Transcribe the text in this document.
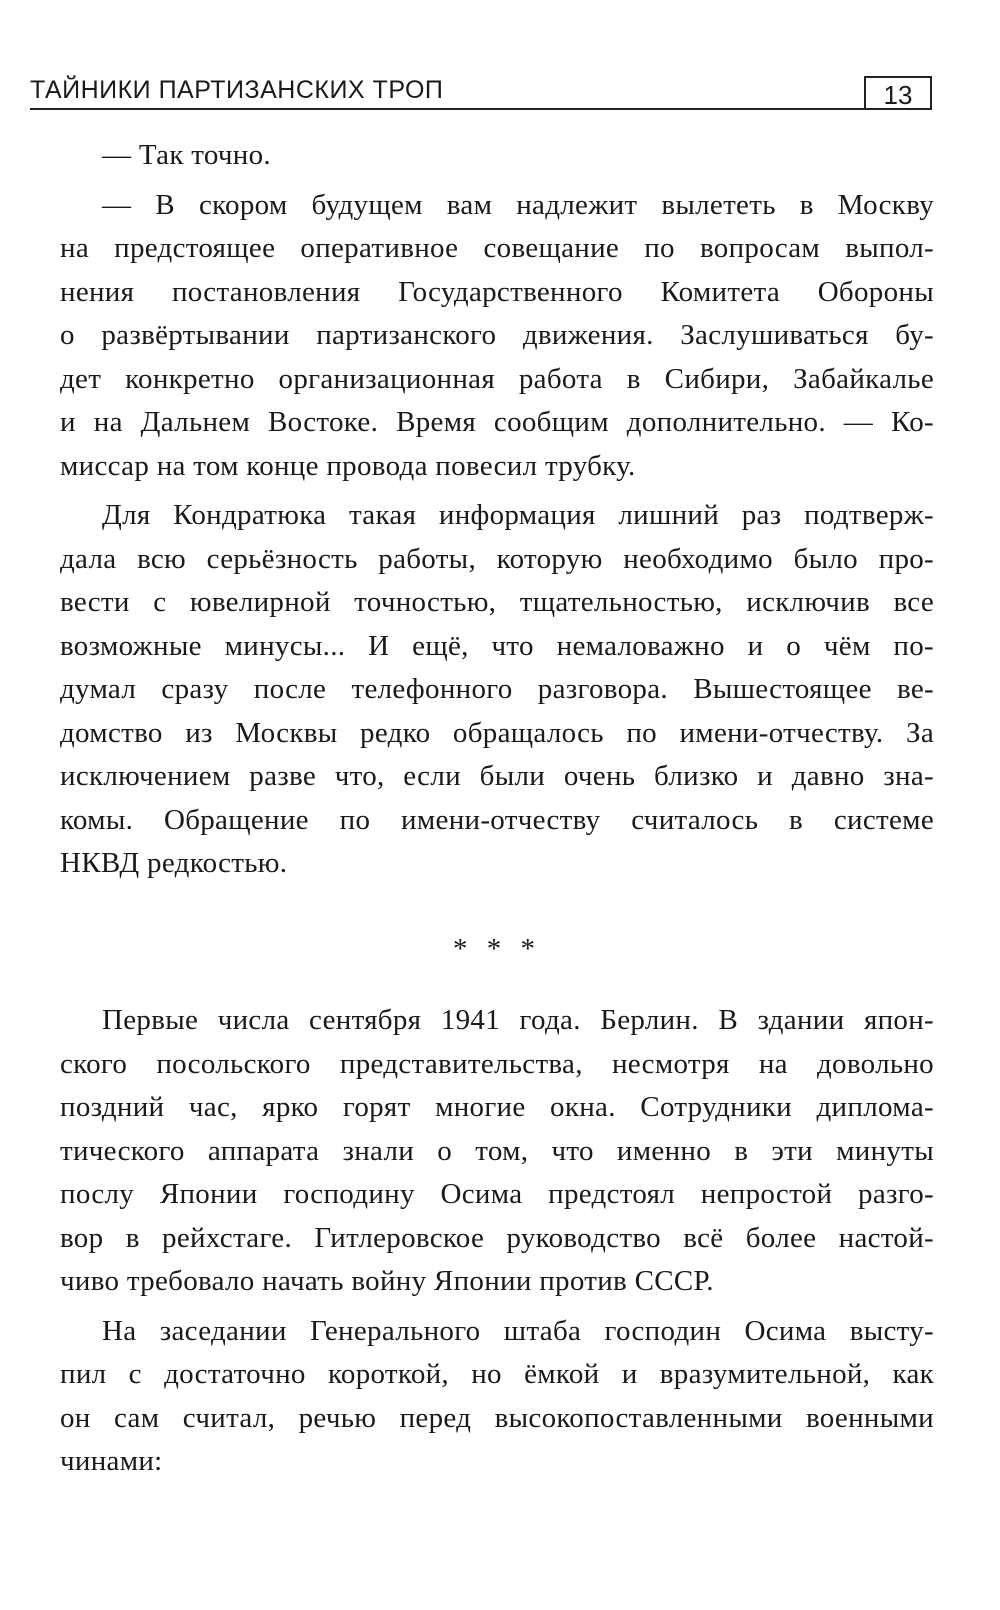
ТАЙНИКИ ПАРТИЗАНСКИХ ТРОП	13
— Так точно.
— В скором будущем вам надлежит вылететь в Москву
на предстоящее оперативное совещание по вопросам выпол-
нения постановления Государственного Комитета Обороны
о развёртывании партизанского движения. Заслушиваться бу-
дет конкретно организационная работа в Сибири, Забайкалье
и на Дальнем Востоке. Время сообщим дополнительно. — Ко-
миссар на том конце провода повесил трубку.
Для Кондратюка такая информация лишний раз подтверж-
дала всю серьёзность работы, которую необходимо было про-
вести с ювелирной точностью, тщательностью, исключив все
возможные минусы... И ещё, что немаловажно и о чём по-
думал сразу после телефонного разговора. Вышестоящее ве-
домство из Москвы редко обращалось по имени-отчеству. За
исключением разве что, если были очень близко и давно зна-
комы. Обращение по имени-отчеству считалось в системе
НКВД редкостью.
* * *
Первые числа сентября 1941 года. Берлин. В здании япон-
ского посольского представительства, несмотря на довольно
поздний час, ярко горят многие окна. Сотрудники дипломa-
тического аппарата знали о том, что именно в эти минуты
послу Японии господину Осима предстоял непростой разго-
вор в рейхстаге. Гитлеровское руководство всё более настой-
чиво требовало начать войну Японии против СССР.
На заседании Генерального штаба господин Осима высту-
пил с достаточно короткой, но ёмкой и вразумительной, как
он сам считал, речью перед высокопоставленными военными
чинами:
